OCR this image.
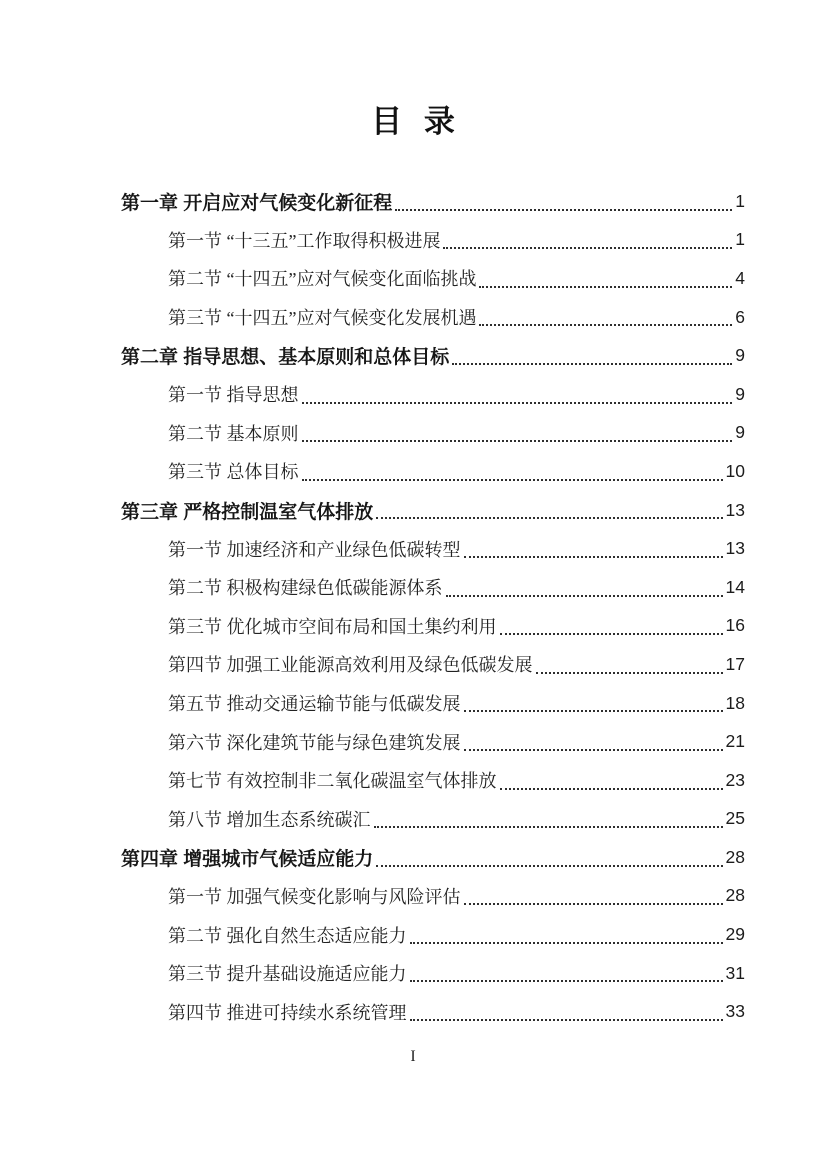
目 录
第一章 开启应对气候变化新征程	1
第一节 “十三五”工作取得积极进展	1
第二节 “十四五”应对气候变化面临挑战	4
第三节 “十四五”应对气候变化发展机遇	6
第二章 指导思想、基本原则和总体目标	9
第一节 指导思想	9
第二节 基本原则	9
第三节 总体目标	10
第三章 严格控制温室气体排放	13
第一节 加速经济和产业绿色低碳转型	13
第二节 积极构建绿色低碳能源体系	14
第三节 优化城市空间布局和国土集约利用	16
第四节 加强工业能源高效利用及绿色低碳发展	17
第五节 推动交通运输节能与低碳发展	18
第六节 深化建筑节能与绿色建筑发展	21
第七节 有效控制非二氧化碳温室气体排放	23
第八节 增加生态系统碳汇	25
第四章 增强城市气候适应能力	28
第一节 加强气候变化影响与风险评估	28
第二节 强化自然生态适应能力	29
第三节 提升基础设施适应能力	31
第四节 推进可持续水系统管理	33
I
